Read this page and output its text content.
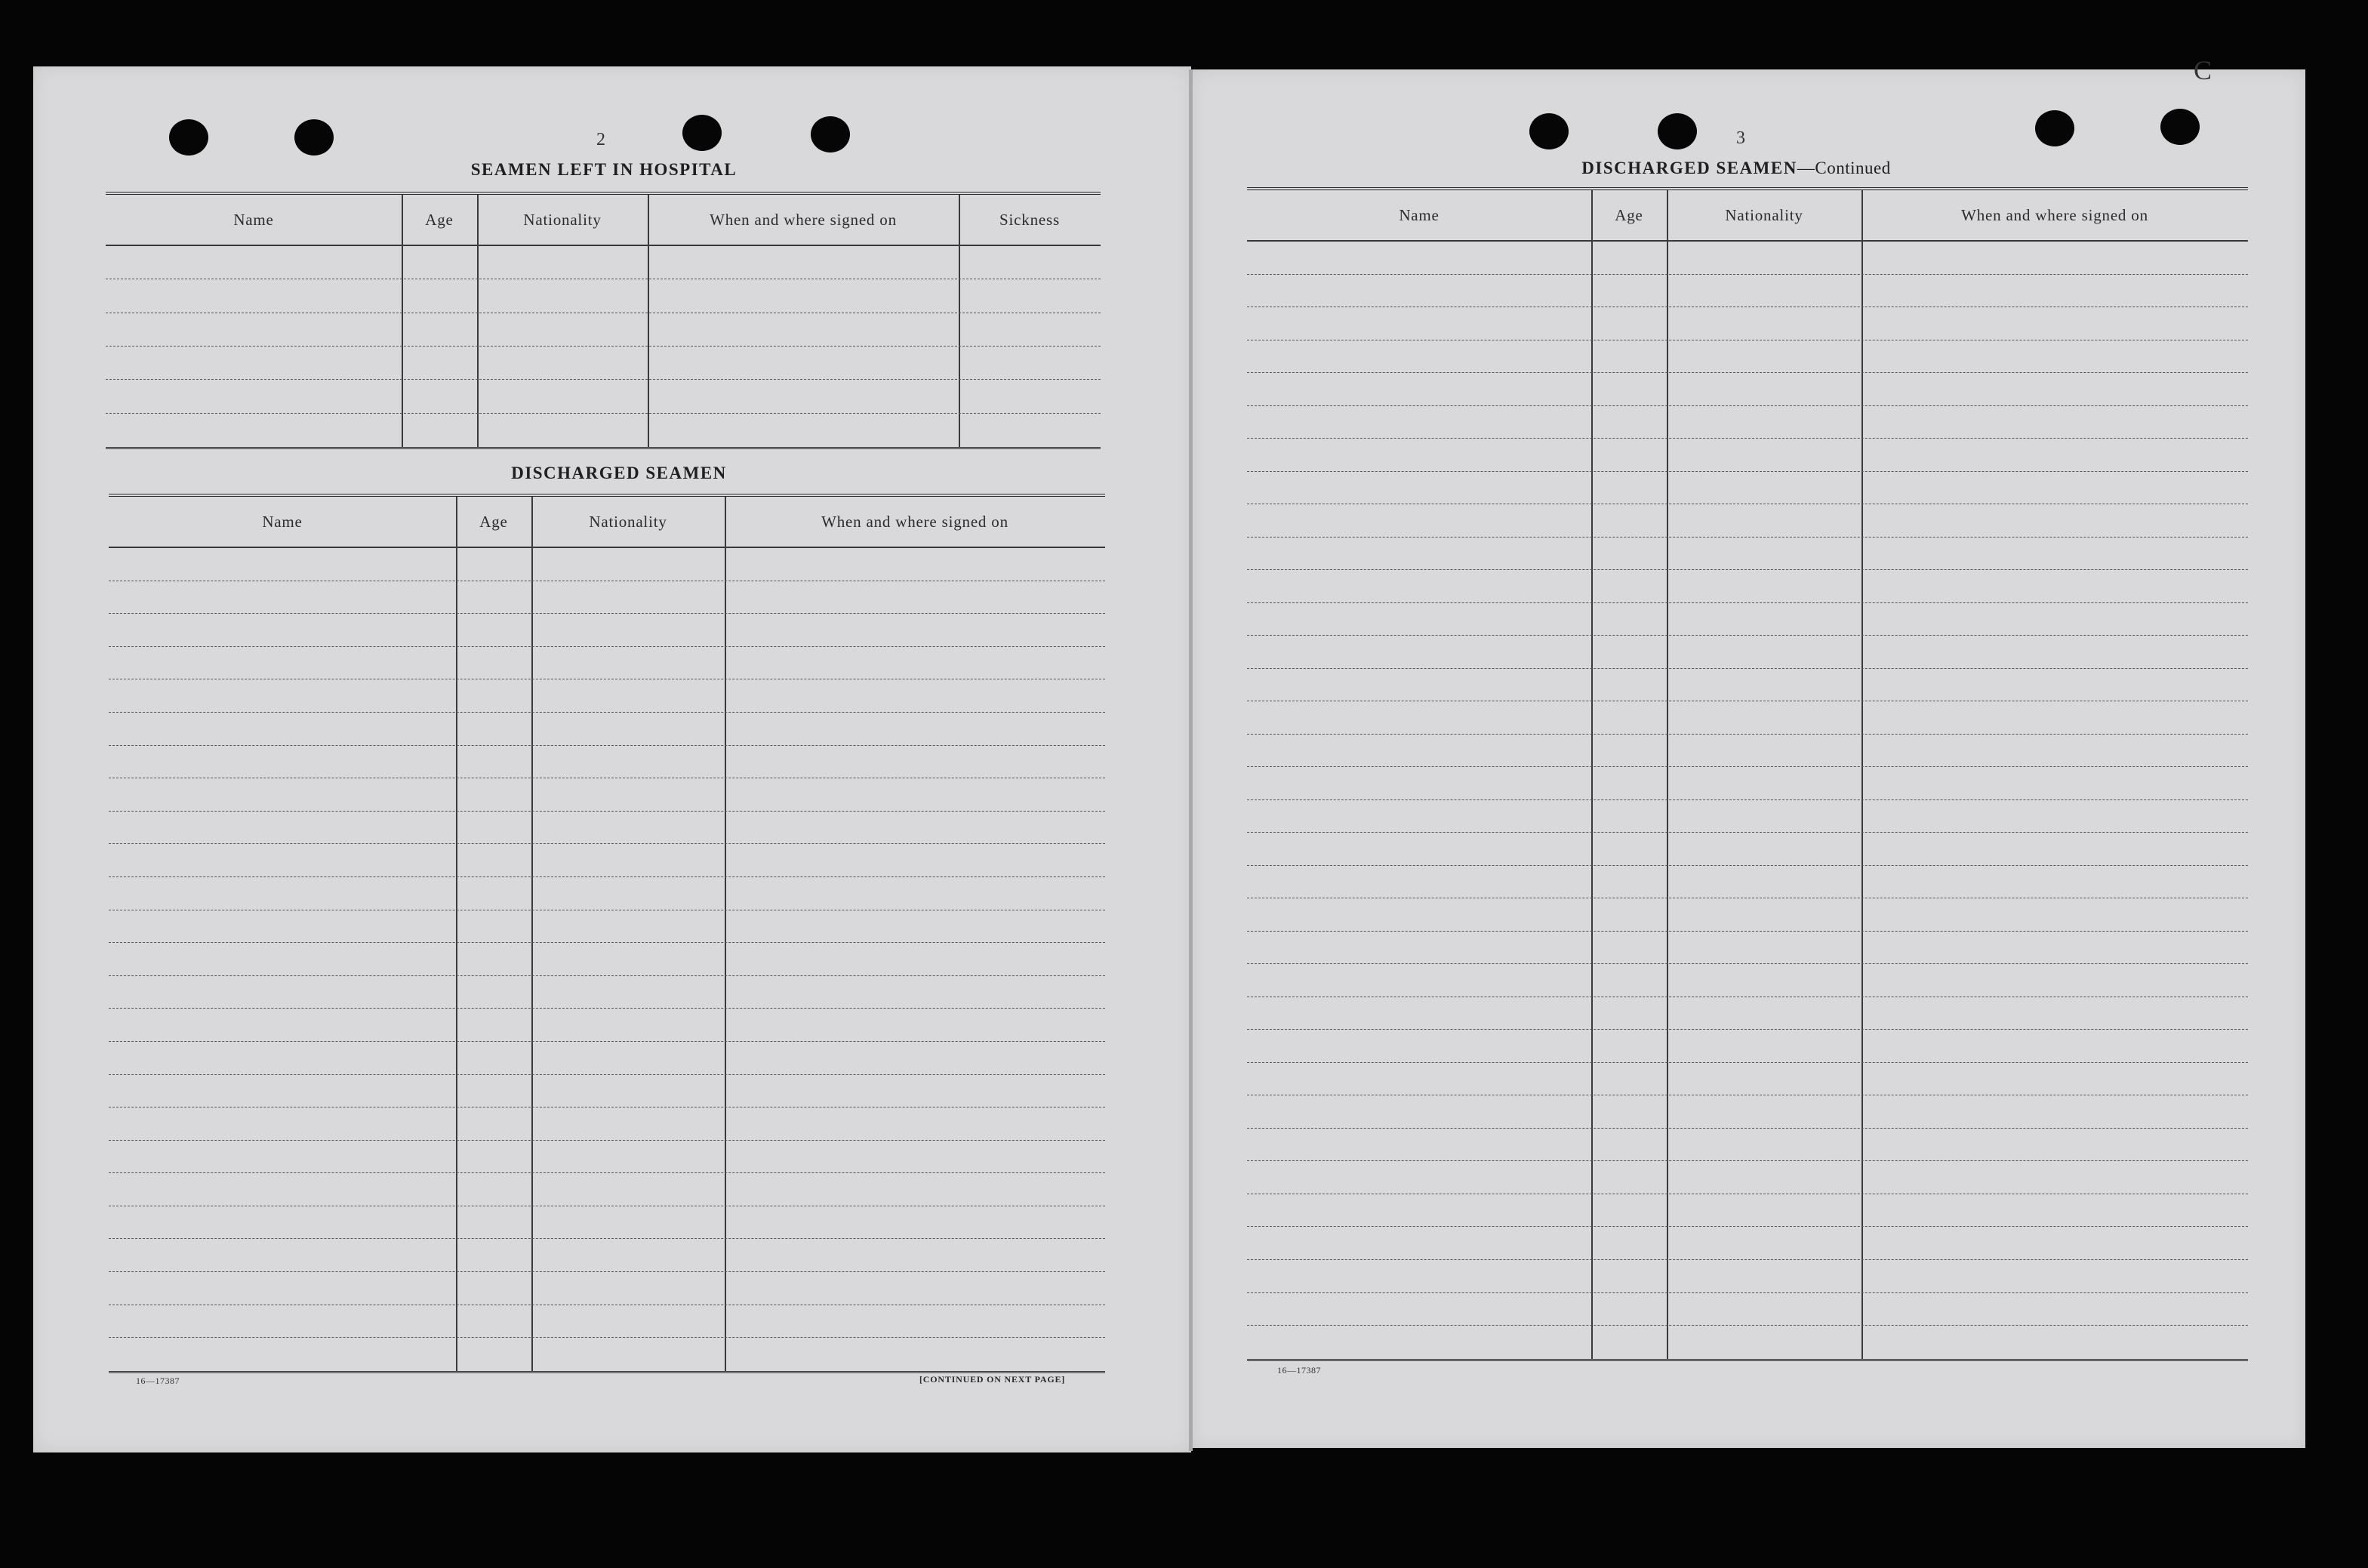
2
SEAMEN LEFT IN HOSPITAL
Name	Age	Nationality	When and where signed on	Sickness
DISCHARGED SEAMEN
Name	Age	Nationality	When and where signed on
16—17387	[CONTINUED ON NEXT PAGE]
3
C
DISCHARGED SEAMEN—Continued
Name	Age	Nationality	When and where signed on
16—17387
